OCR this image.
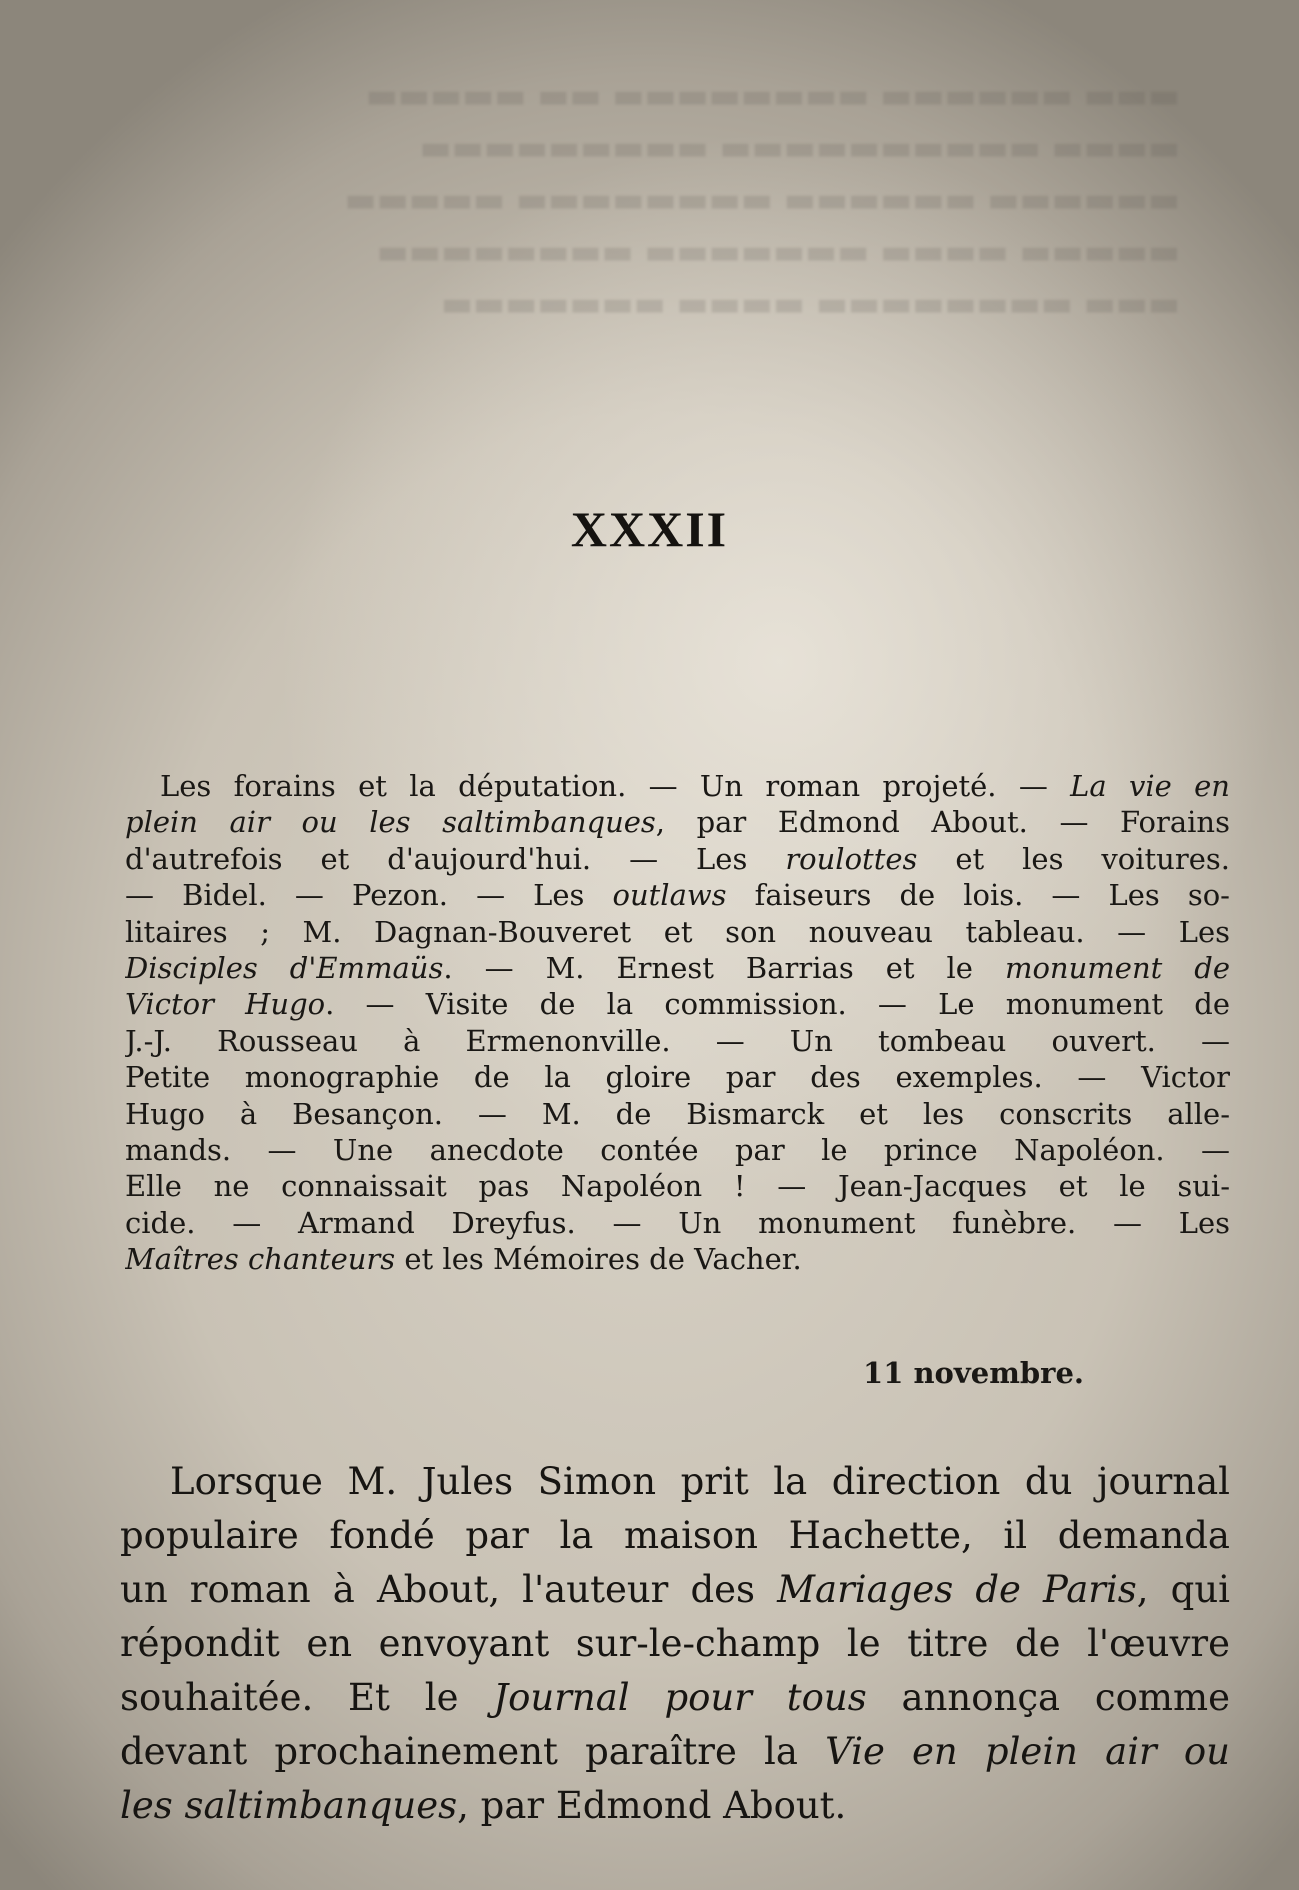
▬▬▬ ▬▬▬▬▬▬ ▬▬▬▬▬▬▬▬ ▬▬ ▬▬▬▬▬
▬▬▬▬ ▬▬▬▬▬▬▬▬▬▬ ▬▬▬▬▬▬▬▬▬
▬▬▬▬▬▬ ▬▬▬▬▬▬ ▬▬▬▬▬▬▬▬ ▬▬▬▬▬
▬▬▬▬▬ ▬▬▬▬ ▬▬▬▬▬▬▬ ▬▬▬▬▬▬▬▬
▬▬▬ ▬▬▬▬▬▬▬▬ ▬▬▬▬ ▬▬▬▬▬▬▬
XXXII
Les forains et la députation. — Un roman projeté. — La vie en
plein air ou les saltimbanques, par Edmond About. — Forains
d'autrefois et d'aujourd'hui. — Les roulottes et les voitures.
— Bidel. — Pezon. — Les outlaws faiseurs de lois. — Les so-
litaires ; M. Dagnan-Bouveret et son nouveau tableau. — Les
Disciples d'Emmaüs. — M. Ernest Barrias et le monument de
Victor Hugo. — Visite de la commission. — Le monument de
J.-J. Rousseau à Ermenonville. — Un tombeau ouvert. —
Petite monographie de la gloire par des exemples. — Victor
Hugo à Besançon. — M. de Bismarck et les conscrits alle-
mands. — Une anecdote contée par le prince Napoléon. —
Elle ne connaissait pas Napoléon ! — Jean-Jacques et le sui-
cide. — Armand Dreyfus. — Un monument funèbre. — Les
Maîtres chanteurs et les Mémoires de Vacher.
11 novembre.
Lorsque M. Jules Simon prit la direction du journal
populaire fondé par la maison Hachette, il demanda
un roman à About, l'auteur des Mariages de Paris, qui
répondit en envoyant sur-le-champ le titre de l'œuvre
souhaitée. Et le Journal pour tous annonça comme
devant prochainement paraître la Vie en plein air ou
les saltimbanques, par Edmond About.
